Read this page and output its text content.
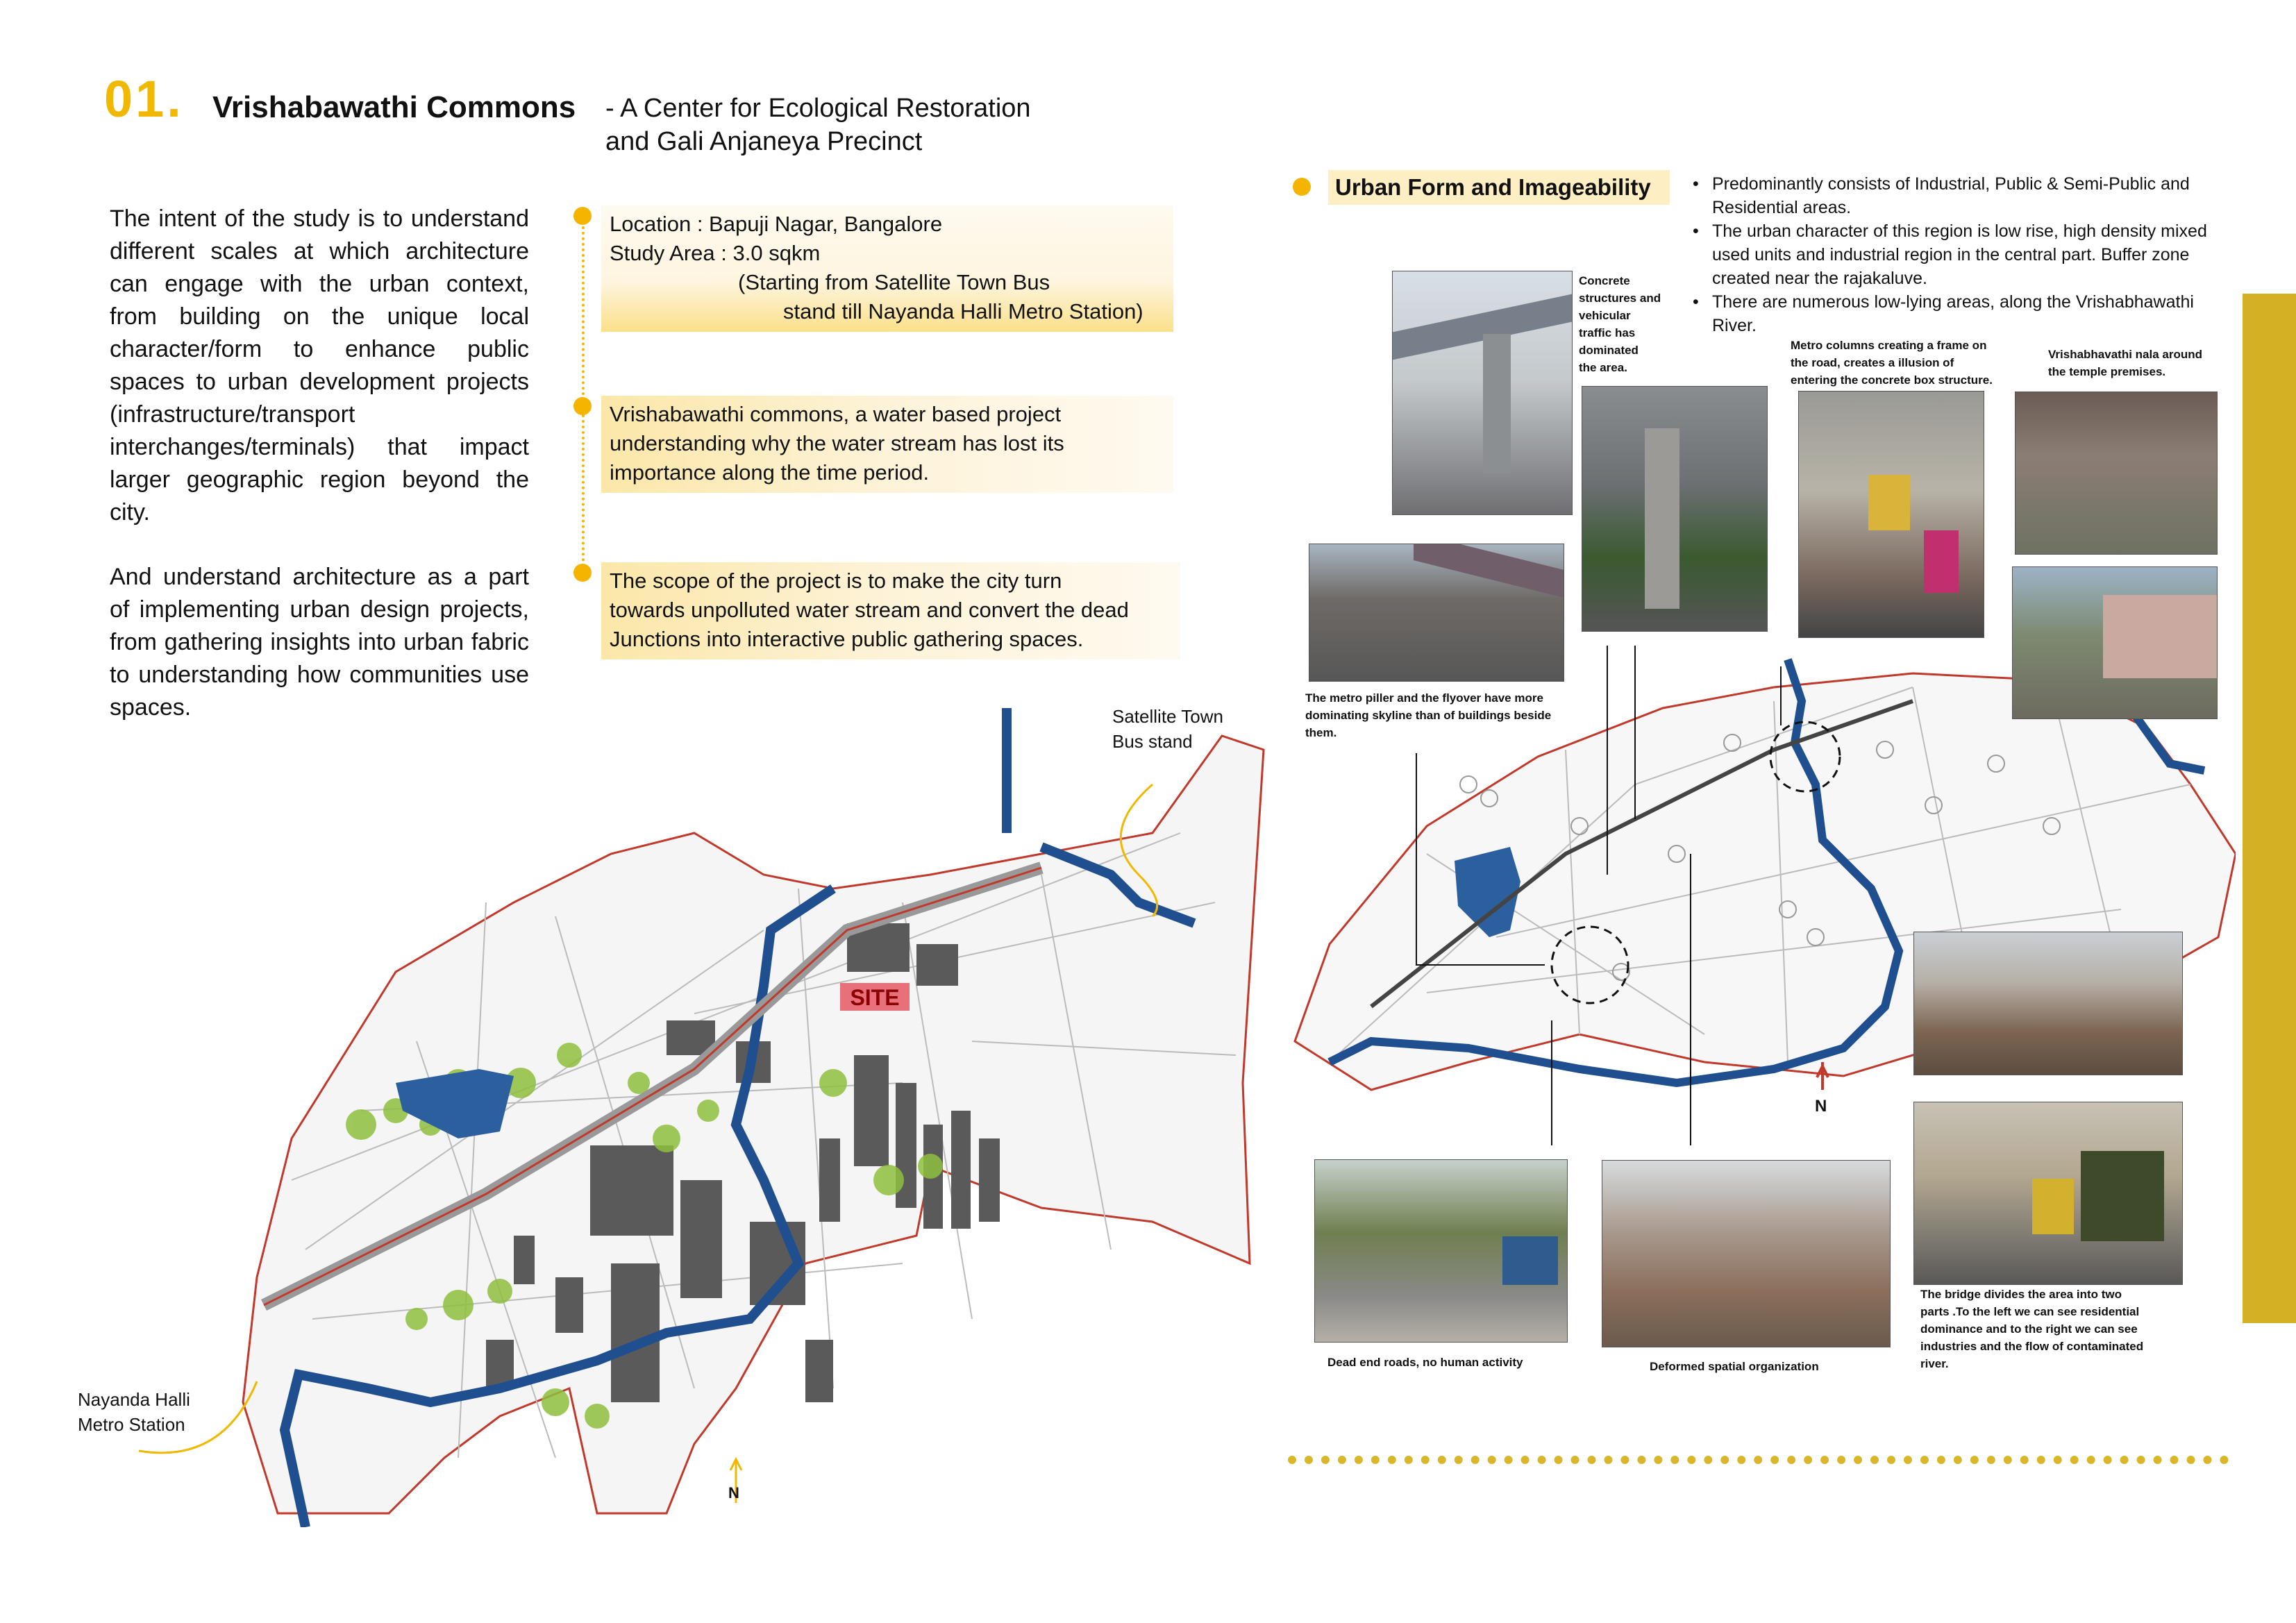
01. Vrishabawathi Commons - A Center for Ecological Restoration
and Gali Anjaneya Precinct

The intent of the study is to understand different scales at which architecture can engage with the urban context, from building on the unique local character/form to enhance public spaces to urban development projects (infrastructure/transport interchanges/terminals) that impact larger geographic region beyond the city.

And understand architecture as a part of implementing urban design projects, from gathering insights into urban fabric to understanding how communities use spaces.

Location : Bapuji Nagar, Bangalore
Study Area : 3.0 sqkm
(Starting from Satellite Town Bus
stand till Nayanda Halli Metro Station)
Vrishabawathi commons, a water based project
understanding why the water stream has lost its
importance along the time period.
The scope of the project is to make the city turn
towards unpolluted water stream and convert the dead
Junctions into interactive public gathering spaces.
SITE
N
Satellite Town
Bus stand
Nayanda Halli
Metro Station
Urban Form and Imageability
•	Predominantly consists of Industrial, Public & Semi-Public and Residential areas.
• The urban character of this region is low rise, high density mixed used units and industrial region in the central part. Buffer zone created near the rajakaluve.
• There are numerous low-lying areas, along the Vrishabhawathi River.
N
Concrete
structures and
vehicular
traffic has
dominated
the area.
Metro columns creating a frame on
the road, creates a illusion of
entering the concrete box structure.
Vrishabhavathi nala around
the temple premises.
The metro piller and the flyover have more
dominating skyline than of buildings beside
them.
Dead end roads, no human activity	Deformed spatial organization
The bridge divides the area into two
parts .To the left we can see residential
dominance and to the right we can see
industries and the flow of contaminated
river.
